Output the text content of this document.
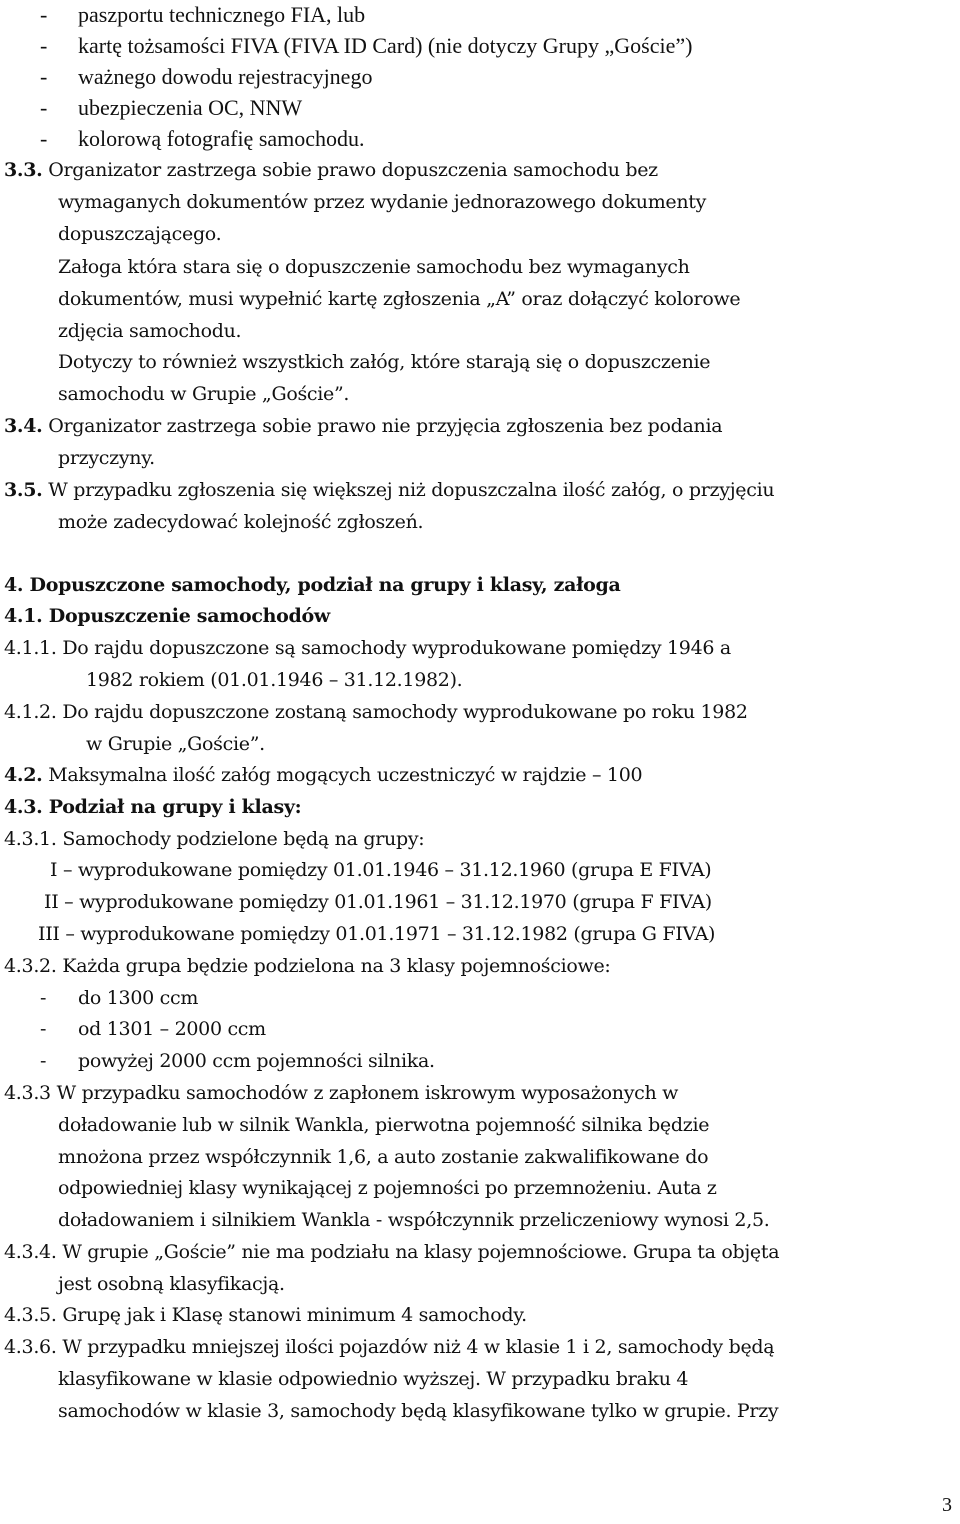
- paszportu technicznego FIA, lub
- kartę tożsamości FIVA (FIVA ID Card) (nie dotyczy Grupy „Goście”)
- ważnego dowodu rejestracyjnego
- ubezpieczenia OC, NNW
- kolorową fotografię samochodu.
3.3. Organizator zastrzega sobie prawo dopuszczenia samochodu bez
wymaganych dokumentów przez wydanie jednorazowego dokumenty
dopuszczającego.
Załoga która stara się o dopuszczenie samochodu bez wymaganych
dokumentów, musi wypełnić kartę zgłoszenia „A” oraz dołączyć kolorowe
zdjęcia samochodu.
Dotyczy to również wszystkich załóg, które starają się o dopuszczenie
samochodu w Grupie „Goście”.
3.4. Organizator zastrzega sobie prawo nie przyjęcia zgłoszenia bez podania
przyczyny.
3.5. W przypadku zgłoszenia się większej niż dopuszczalna ilość załóg, o przyjęciu
może zadecydować kolejność zgłoszeń.
4. Dopuszczone samochody, podział na grupy i klasy, załoga
4.1. Dopuszczenie samochodów
4.1.1. Do rajdu dopuszczone są samochody wyprodukowane pomiędzy 1946 a
1982 rokiem (01.01.1946 – 31.12.1982).
4.1.2. Do rajdu dopuszczone zostaną samochody wyprodukowane po roku 1982
w Grupie „Goście”.
4.2. Maksymalna ilość załóg mogących uczestniczyć w rajdzie – 100
4.3. Podział na grupy i klasy:
4.3.1. Samochody podzielone będą na grupy:
I – wyprodukowane pomiędzy 01.01.1946 – 31.12.1960 (grupa E FIVA)
II – wyprodukowane pomiędzy 01.01.1961 – 31.12.1970 (grupa F FIVA)
III – wyprodukowane pomiędzy 01.01.1971 – 31.12.1982 (grupa G FIVA)
4.3.2. Każda grupa będzie podzielona na 3 klasy pojemnościowe:
- do 1300 ccm
- od 1301 – 2000 ccm
- powyżej 2000 ccm pojemności silnika.
4.3.3 W przypadku samochodów z zapłonem iskrowym wyposażonych w
doładowanie lub w silnik Wankla, pierwotna pojemność silnika będzie
mnożona przez współczynnik 1,6, a auto zostanie zakwalifikowane do
odpowiedniej klasy wynikającej z pojemności po przemnożeniu. Auta z
doładowaniem i silnikiem Wankla - współczynnik przeliczeniowy wynosi 2,5.
4.3.4. W grupie „Goście” nie ma podziału na klasy pojemnościowe. Grupa ta objęta
jest osobną klasyfikacją.
4.3.5. Grupę jak i Klasę stanowi minimum 4 samochody.
4.3.6. W przypadku mniejszej ilości pojazdów niż 4 w klasie 1 i 2, samochody będą
klasyfikowane w klasie odpowiednio wyższej. W przypadku braku 4
samochodów w klasie 3, samochody będą klasyfikowane tylko w grupie. Przy
3
